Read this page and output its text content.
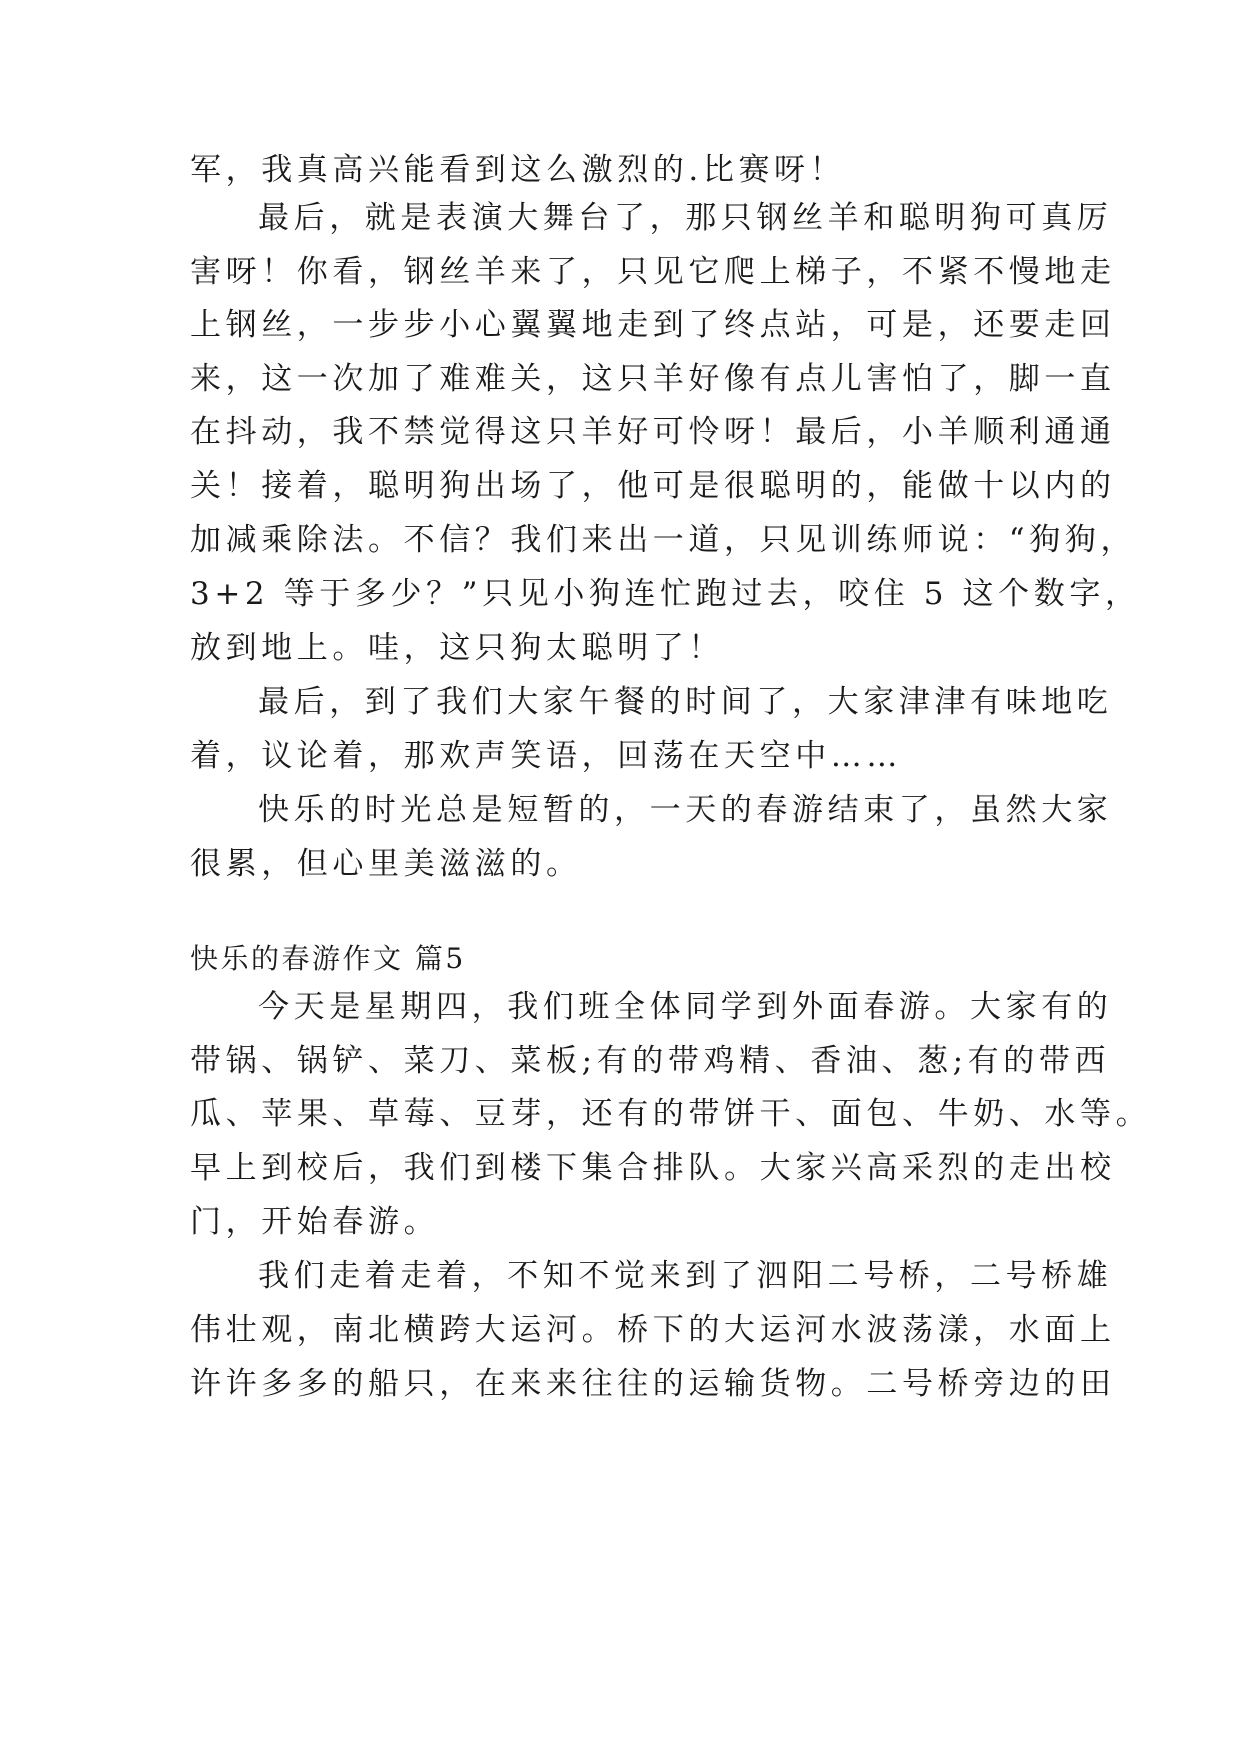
军，我真高兴能看到这么激烈的.比赛呀！
最后，就是表演大舞台了，那只钢丝羊和聪明狗可真厉
害呀！你看，钢丝羊来了，只见它爬上梯子，不紧不慢地走
上钢丝，一步步小心翼翼地走到了终点站，可是，还要走回
来，这一次加了难难关，这只羊好像有点儿害怕了，脚一直
在抖动，我不禁觉得这只羊好可怜呀！最后，小羊顺利通通
关！接着，聪明狗出场了，他可是很聪明的，能做十以内的
加减乘除法。不信？我们来出一道，只见训练师说：“狗狗，
3+2 等于多少？”只见小狗连忙跑过去，咬住 5 这个数字，
放到地上。哇，这只狗太聪明了！
最后，到了我们大家午餐的时间了，大家津津有味地吃
着，议论着，那欢声笑语，回荡在天空中……
快乐的时光总是短暂的，一天的春游结束了，虽然大家
很累，但心里美滋滋的。
快乐的春游作文 篇5
今天是星期四，我们班全体同学到外面春游。大家有的
带锅、锅铲、菜刀、菜板;有的带鸡精、香油、葱;有的带西
瓜、苹果、草莓、豆芽，还有的带饼干、面包、牛奶、水等。
早上到校后，我们到楼下集合排队。大家兴高采烈的走出校
门，开始春游。
我们走着走着，不知不觉来到了泗阳二号桥，二号桥雄
伟壮观，南北横跨大运河。桥下的大运河水波荡漾，水面上
许许多多的船只，在来来往往的运输货物。二号桥旁边的田
